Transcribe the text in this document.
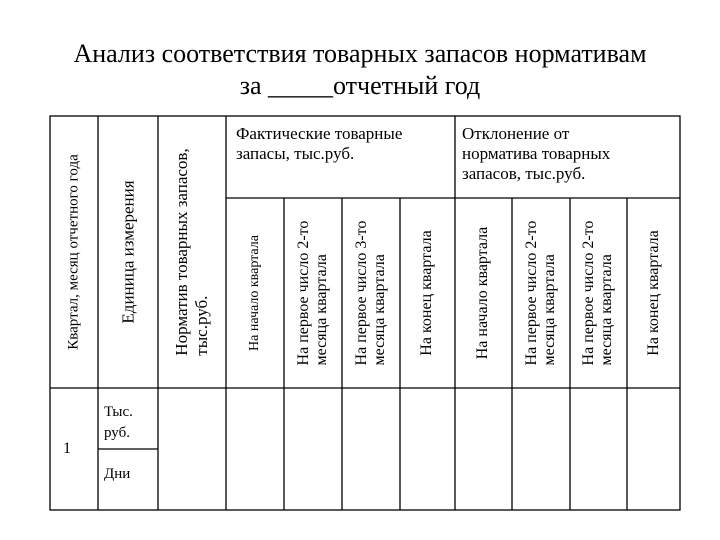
Анализ соответствия товарных запасов нормативам
за _____отчетный год
Квартал, месяц отчетного года Единица измерения Норматив товарных запасов, тыс.руб.
Фактические товарные
запасы, тыс.руб.
Отклонение от
норматива товарных
запасов, тыс.руб.
На начало квартала На первое число 2-то месяца квартала На первое число 3-то месяца квартала На конец квартала На начало квартала На первое число 2-то месяца квартала На первое число 2-то месяца квартала На конец квартала
1
Тыс.
руб.
Дни
